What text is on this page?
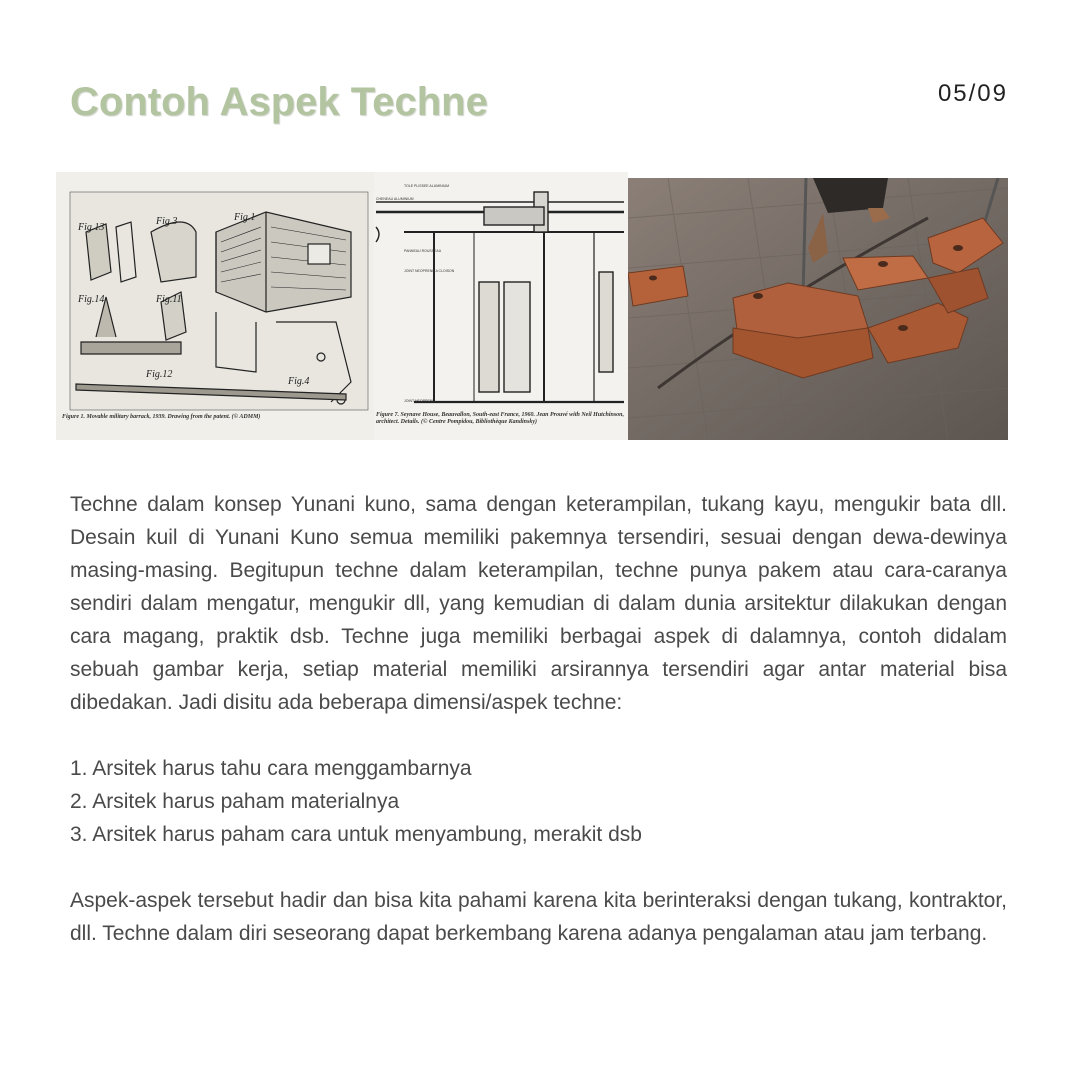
Contoh Aspek Techne	05/09
Fig.13
Fig.3	Fig.1
Fig.14	Fig.11
Fig.12
Fig.4
Figure 1. Movable military barrack, 1939. Drawing from the patent. (© ADMM)
TOLE PLISSEE ALUMINIUM
CHENEAU ALUMINIUM
PANNEAU ROUSSEAU
JOINT NEOPRENE A CLOISON
JOINT NEOPRENE
Figure 7. Seynave House, Beauvallon, South-east France, 1960. Jean Prouvé with Neil Hutchinson,
architect. Details. (© Centre Pompidou, Bibliothèque Kandinsky)

Techne dalam konsep Yunani kuno, sama dengan keterampilan, tukang kayu, mengukir bata dll. Desain kuil di Yunani Kuno semua memiliki pakemnya tersendiri, sesuai dengan dewa-dewinya masing-masing. Begitupun techne dalam keterampilan, techne punya pakem atau cara-caranya sendiri dalam mengatur, mengukir dll, yang kemudian di dalam dunia arsitektur dilakukan dengan cara magang, praktik dsb. Techne juga memiliki berbagai aspek di dalamnya, contoh didalam sebuah gambar kerja, setiap material memiliki arsirannya tersendiri agar antar material bisa dibedakan. Jadi disitu ada beberapa dimensi/aspek techne:

1. Arsitek harus tahu cara menggambarnya
2. Arsitek harus paham materialnya
3. Arsitek harus paham cara untuk menyambung, merakit dsb

Aspek-aspek tersebut hadir dan bisa kita pahami karena kita berinteraksi dengan tukang, kontraktor, dll. Techne dalam diri seseorang dapat berkembang karena adanya pengalaman atau jam terbang.
